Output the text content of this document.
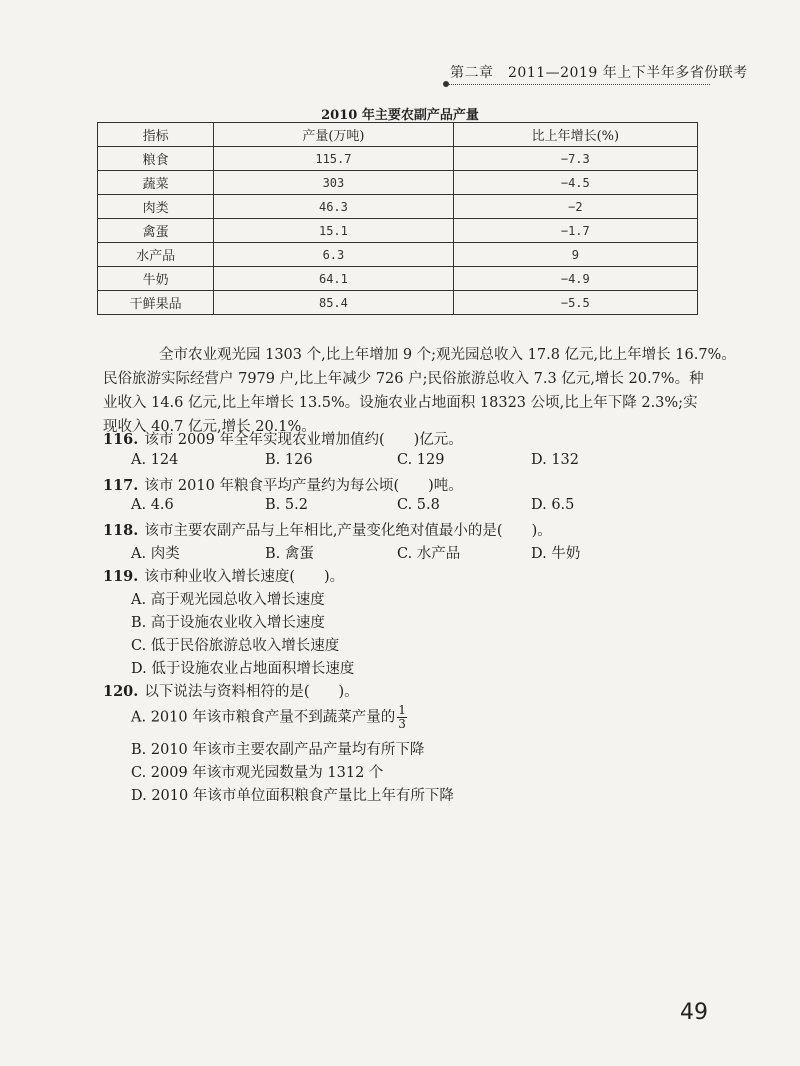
第二章　2011—2019 年上下半年多省份联考
2010 年主要农副产品产量
指标	产量(万吨)	比上年增长(%)
粮食	115.7	−7.3
蔬菜	303	−4.5
肉类	46.3	−2
禽蛋	15.1	−1.7
水产品	6.3	9
牛奶	64.1	−4.9
干鲜果品	85.4	−5.5
全市农业观光园 1303 个,比上年增加 9 个;观光园总收入 17.8 亿元,比上年增长 16.7%。
民俗旅游实际经营户 7979 户,比上年减少 726 户;民俗旅游总收入 7.3 亿元,增长 20.7%。种
业收入 14.6 亿元,比上年增长 13.5%。设施农业占地面积 18323 公顷,比上年下降 2.3%;实
现收入 40.7 亿元,增长 20.1%。
116. 该市 2009 年全年实现农业增加值约(　　)亿元。
A. 124	B. 126	C. 129	D. 132
117. 该市 2010 年粮食平均产量约为每公顷(　　)吨。
A. 4.6	B. 5.2	C. 5.8	D. 6.5
118. 该市主要农副产品与上年相比,产量变化绝对值最小的是(　　)。
A. 肉类	B. 禽蛋	C. 水产品	D. 牛奶
119. 该市种业收入增长速度(　　)。
A. 高于观光园总收入增长速度
B. 高于设施农业收入增长速度
C. 低于民俗旅游总收入增长速度
D. 低于设施农业占地面积增长速度
120. 以下说法与资料相符的是(　　)。
A. 2010 年该市粮食产量不到蔬菜产量的 $\frac{1}{3}$
B. 2010 年该市主要农副产品产量均有所下降
C. 2009 年该市观光园数量为 1312 个
D. 2010 年该市单位面积粮食产量比上年有所下降
49
